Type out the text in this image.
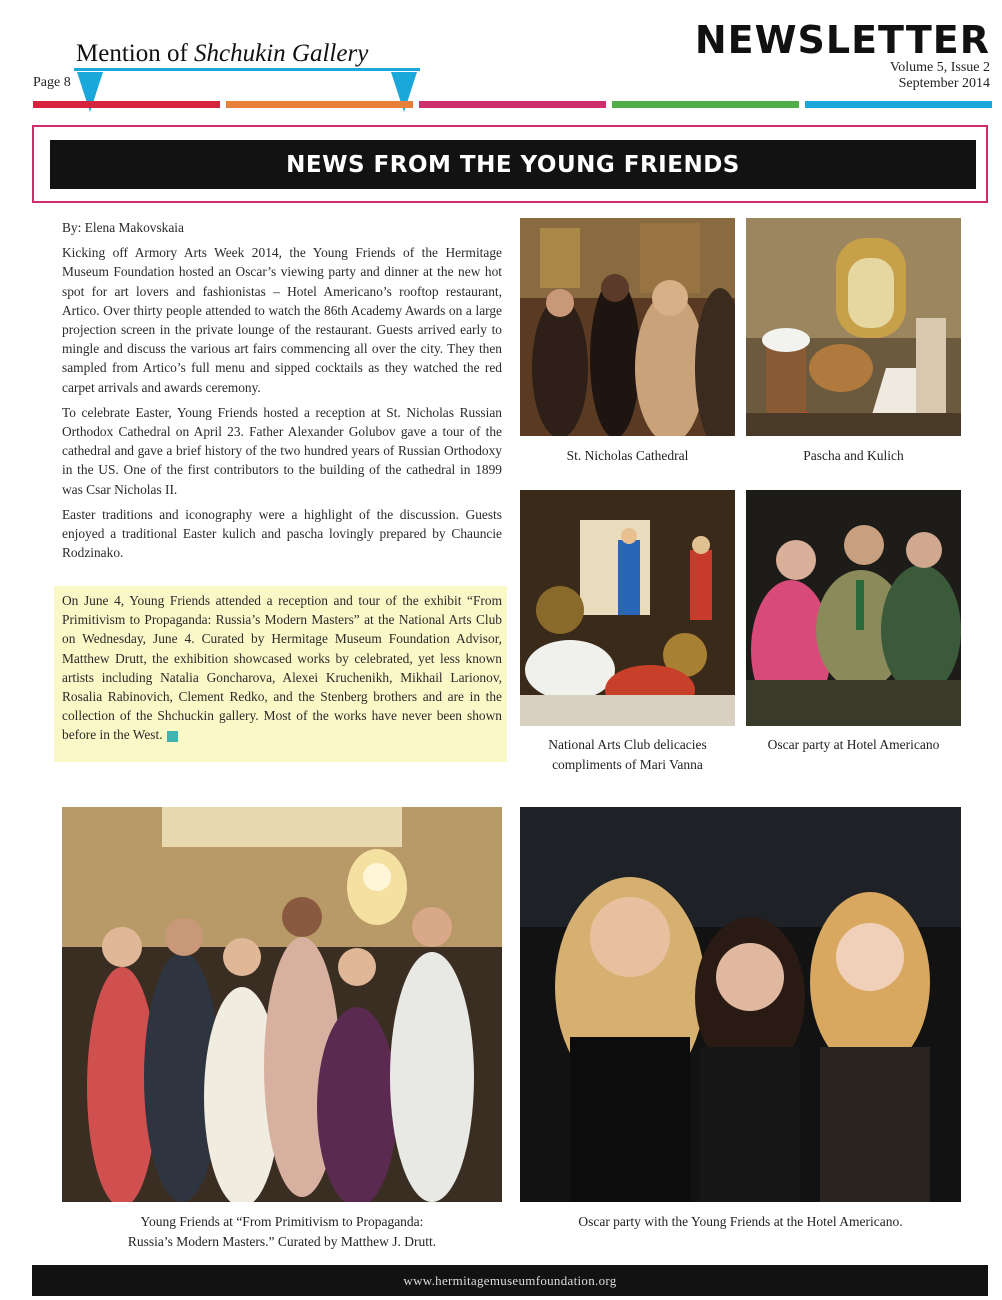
Mention of Shchukin Gallery
Page 8
NEWSLETTER
Volume 5, Issue 2
September 2014
NEWS FROM THE YOUNG FRIENDS

By: Elena Makovskaia

Kicking off Armory Arts Week 2014, the Young Friends of the Hermitage Museum Foundation hosted an Oscar’s viewing party and dinner at the new hot spot for art lovers and fashionistas – Hotel Americano’s rooftop restaurant, Artico. Over thirty people attended to watch the 86th Academy Awards on a large projection screen in the private lounge of the restaurant. Guests arrived early to mingle and discuss the various art fairs commencing all over the city. They then sampled from Artico’s full menu and sipped cocktails as they watched the red carpet arrivals and awards ceremony.

To celebrate Easter, Young Friends hosted a reception at St. Nicholas Russian Orthodox Cathedral on April 23. Father Alexander Golubov gave a tour of the cathedral and gave a brief history of the two hundred years of Russian Orthodoxy in the US. One of the first contributors to the building of the cathedral in 1899 was Csar Nicholas II.

Easter traditions and iconography were a highlight of the discussion. Guests enjoyed a traditional Easter kulich and pascha lovingly prepared by Chauncie Rodzinako.

On June 4, Young Friends attended a reception and tour of the exhibit “From Primitivism to Propaganda: Russia’s Modern Masters” at the National Arts Club on Wednesday, June 4. Curated by Hermitage Museum Foundation Advisor, Matthew Drutt, the exhibition showcased works by celebrated, yet less known artists including Natalia Goncharova, Alexei Kruchenikh, Mikhail Larionov, Rosalia Rabinovich, Clement Redko, and the Stenberg brothers and are in the collection of the Shchuckin gallery. Most of the works have never been shown before in the West.
St. Nicholas Cathedral	Pascha and Kulich
National Arts Club delicacies
compliments of Mari Vanna
Oscar party at Hotel Americano
Young Friends at “From Primitivism to Propaganda:
Russia’s Modern Masters.” Curated by Matthew J. Drutt.
Oscar party with the Young Friends at the Hotel Americano.
www.hermitagemuseumfoundation.org
